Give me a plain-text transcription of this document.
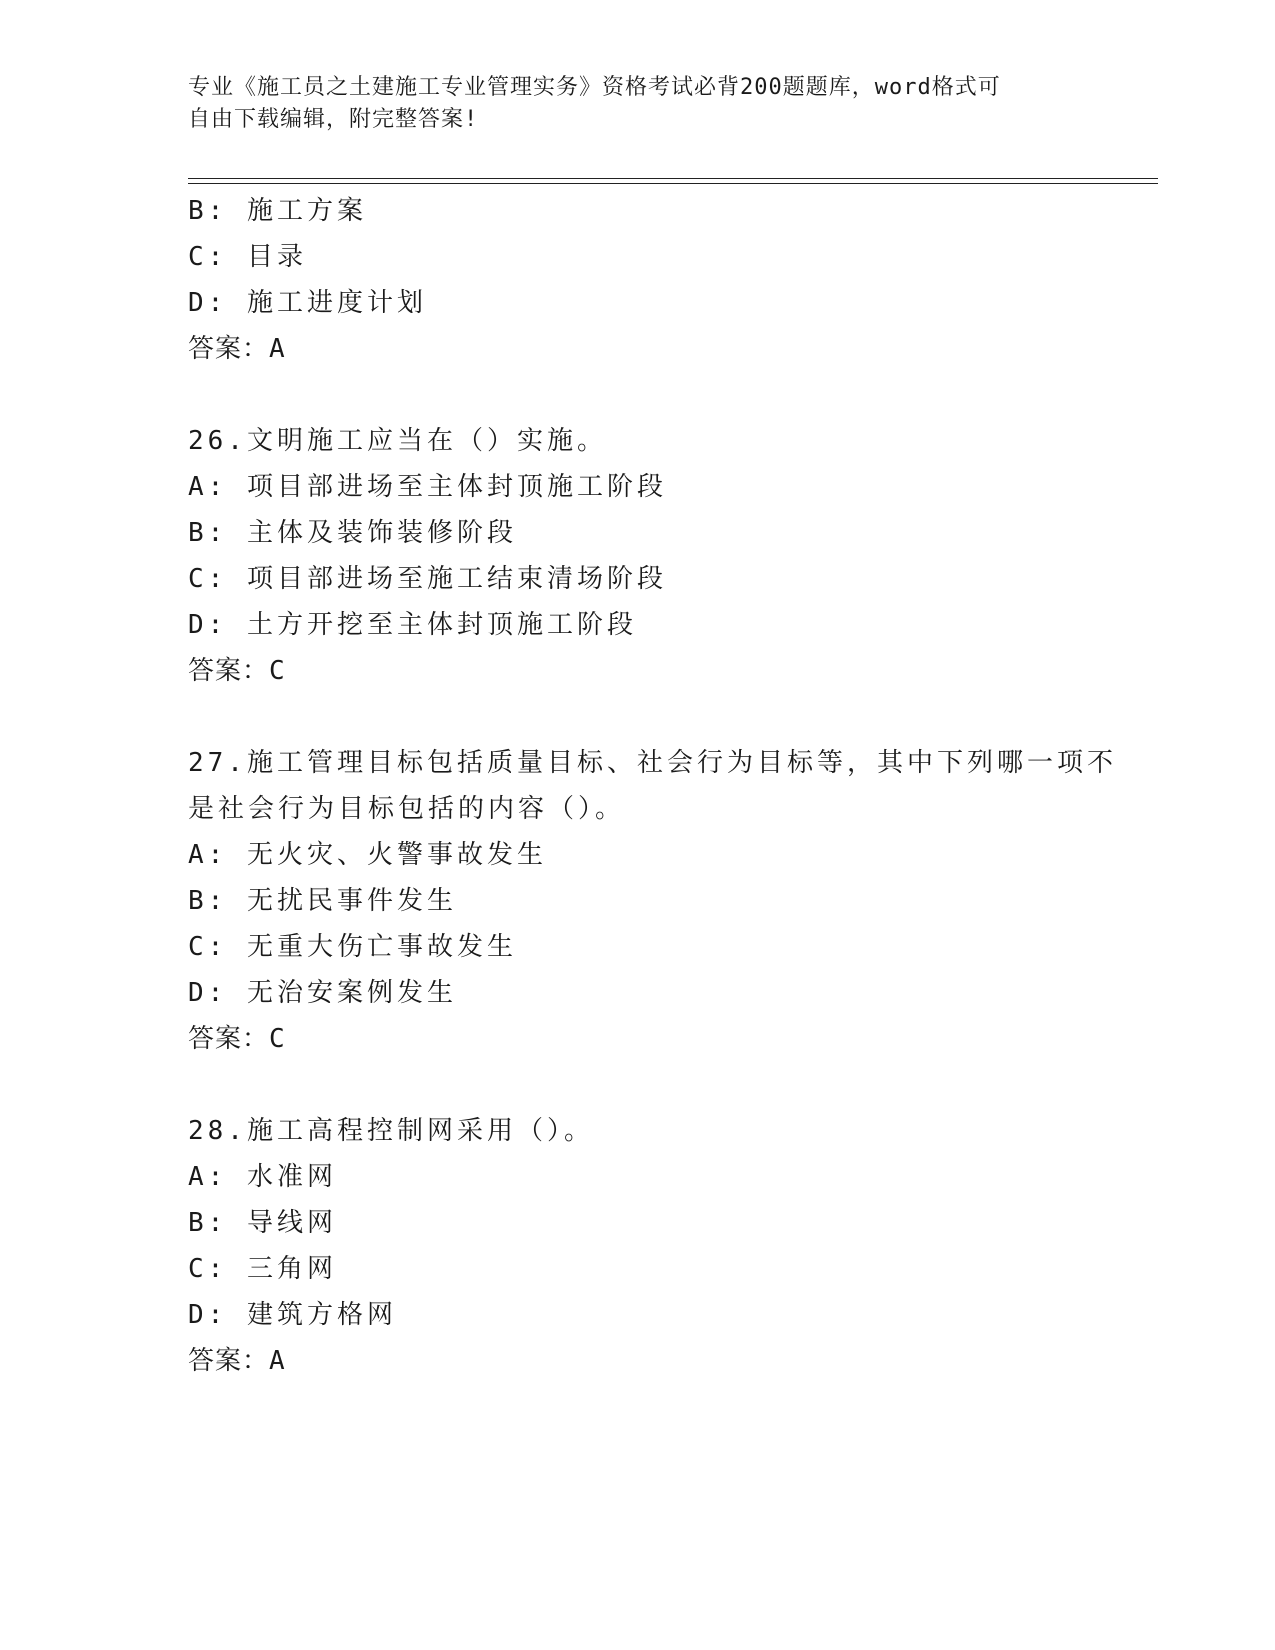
专业《施工员之土建施工专业管理实务》资格考试必背200题题库，word格式可
自由下载编辑，附完整答案!
B: 施工方案
C: 目录
D: 施工进度计划
答案：A
26.文明施工应当在（）实施。
A: 项目部进场至主体封顶施工阶段
B: 主体及装饰装修阶段
C: 项目部进场至施工结束清场阶段
D: 土方开挖至主体封顶施工阶段
答案：C
27.施工管理目标包括质量目标、社会行为目标等，其中下列哪一项不
是社会行为目标包括的内容（）。
A: 无火灾、火警事故发生
B: 无扰民事件发生
C: 无重大伤亡事故发生
D: 无治安案例发生
答案：C
28.施工高程控制网采用（）。
A: 水准网
B: 导线网
C: 三角网
D: 建筑方格网
答案：A
